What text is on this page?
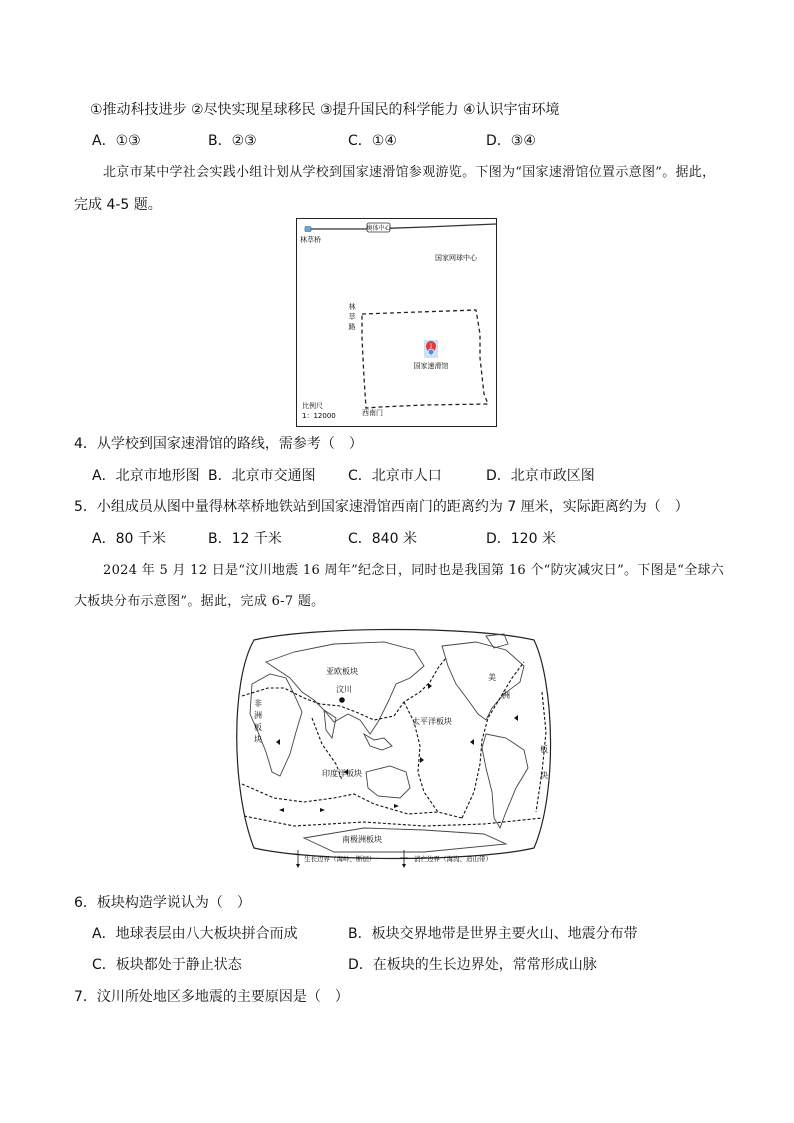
①推动科技进步 ②尽快实现星球移民 ③提升国民的科学能力 ④认识宇宙环境
A．①③	B．②③	C．①④	D．③④
北京市某中学社会实践小组计划从学校到国家速滑馆参观游览。下图为“国家速滑馆位置示意图”。据此，
完成 4-5 题。
奥体中心
林萃桥
国家网球中心
林
萃
路
1
国家速滑馆
西南门
比例尺
1：12000
4．从学校到国家速滑馆的路线，需参考（　）
A．北京市地形图 B．北京市交通图 C．北京市人口	D．北京市政区图
5．小组成员从图中量得林萃桥地铁站到国家速滑馆西南门的距离约为 7 厘米，实际距离约为（　）
A．80 千米	B．12 千米	C．840 米	D．120 米
2024 年 5 月 12 日是“汶川地震 16 周年”纪念日，同时也是我国第 16 个“防灾减灾日”。下图是“全球六
大板块分布示意图”。据此，完成 6-7 题。
亚欧板块
汶川
太平洋板块
美
洲
非
洲
板
块
板
块
印度洋板块
南极洲板块
生长边界（海岭、断层）	消亡边界（海沟、造山带）
6．板块构造学说认为（　）
A．地球表层由八大板块拼合而成	B．板块交界地带是世界主要火山、地震分布带
C．板块都处于静止状态	D．在板块的生长边界处，常常形成山脉
7．汶川所处地区多地震的主要原因是（　）
